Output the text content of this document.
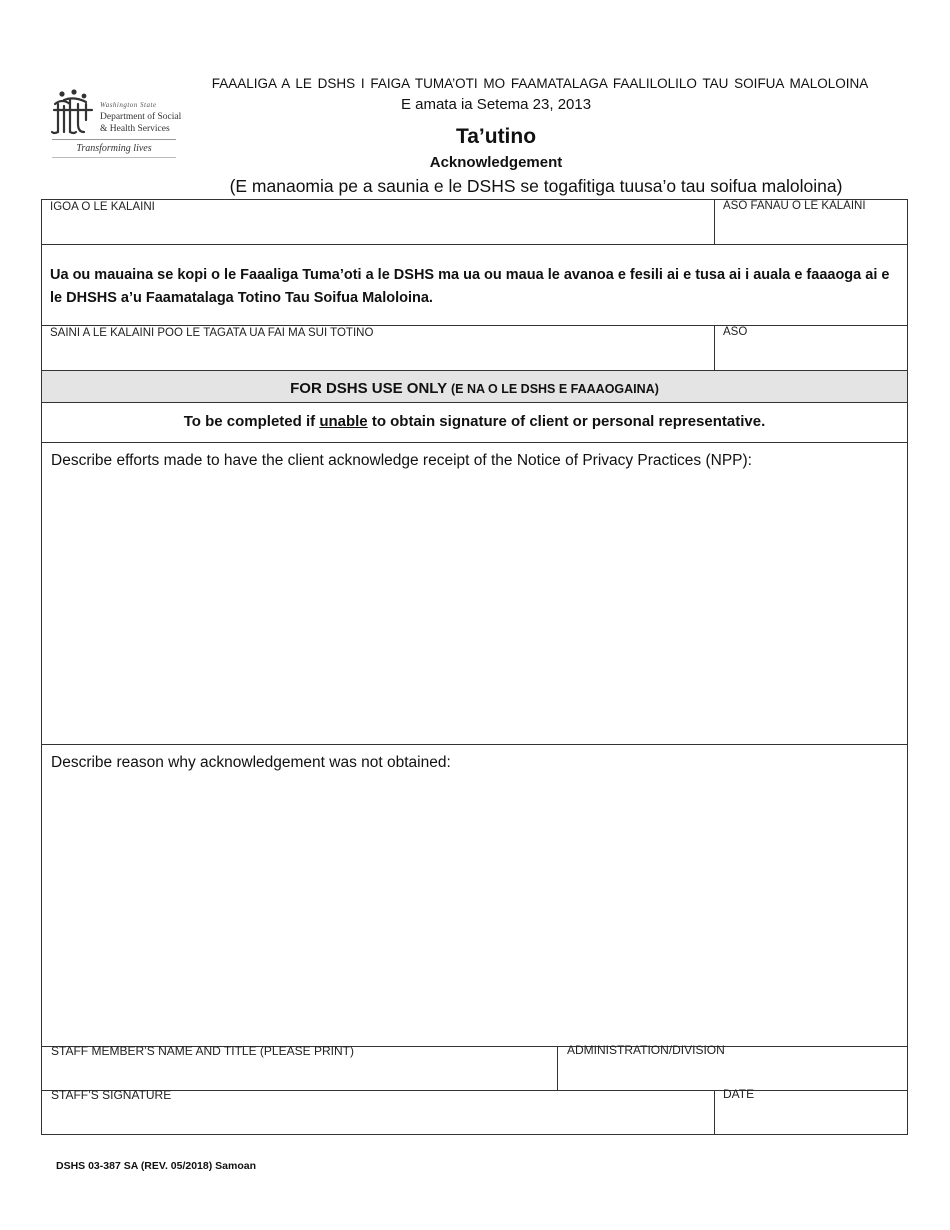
Washington State
Department of Social
& Health Services
Transforming lives
FAAALIGA A LE DSHS I FAIGA TUMA’OTI MO FAAMATALAGA FAALILOLILO TAU SOIFUA MALOLOINA
E amata ia Setema 23, 2013
Ta’utino
Acknowledgement
(E manaomia pe a saunia e le DSHS se togafitiga tuusa’o tau soifua maloloina)
IGOA O LE KALAINI	ASO FANAU O LE KALAINI
Ua ou mauaina se kopi o le Faaaliga Tuma’oti a le DSHS ma ua ou maua le avanoa e fesili ai e tusa ai i auala e faaaoga ai e le DHSHS a’u Faamatalaga Totino Tau Soifua Maloloina.
SAINI A LE KALAINI POO LE TAGATA UA FAI MA SUI TOTINO	ASO
FOR DSHS USE ONLY (E NA O LE DSHS E FAAAOGAINA)
To be completed if unable to obtain signature of client or personal representative.
Describe efforts made to have the client acknowledge receipt of the Notice of Privacy Practices (NPP):
Describe reason why acknowledgement was not obtained:
STAFF MEMBER’S NAME AND TITLE (PLEASE PRINT)	ADMINISTRATION/DIVISION
STAFF’S SIGNATURE	DATE
DSHS 03-387 SA (REV. 05/2018) Samoan
